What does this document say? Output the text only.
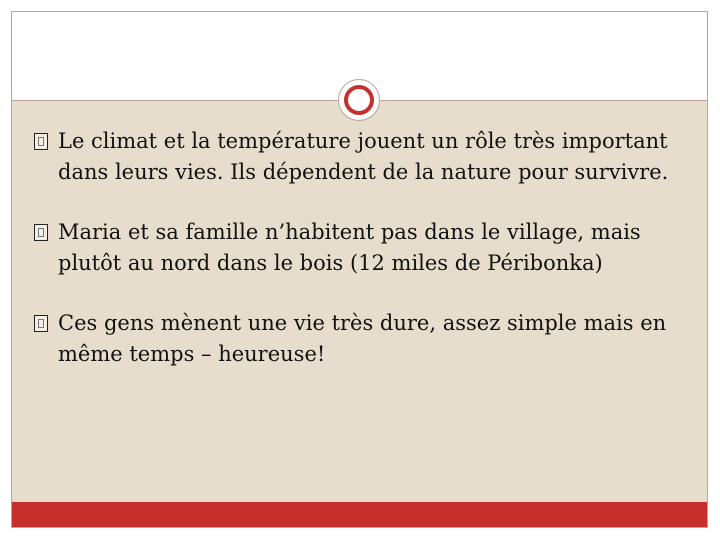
Le climat et la température jouent un rôle très important dans leurs vies. Ils dépendent de la nature pour survivre.
Maria et sa famille n’habitent pas dans le village, mais plutôt au nord dans le bois (12 miles de Péribonka)
Ces gens mènent une vie très dure, assez simple mais en même temps – heureuse!
